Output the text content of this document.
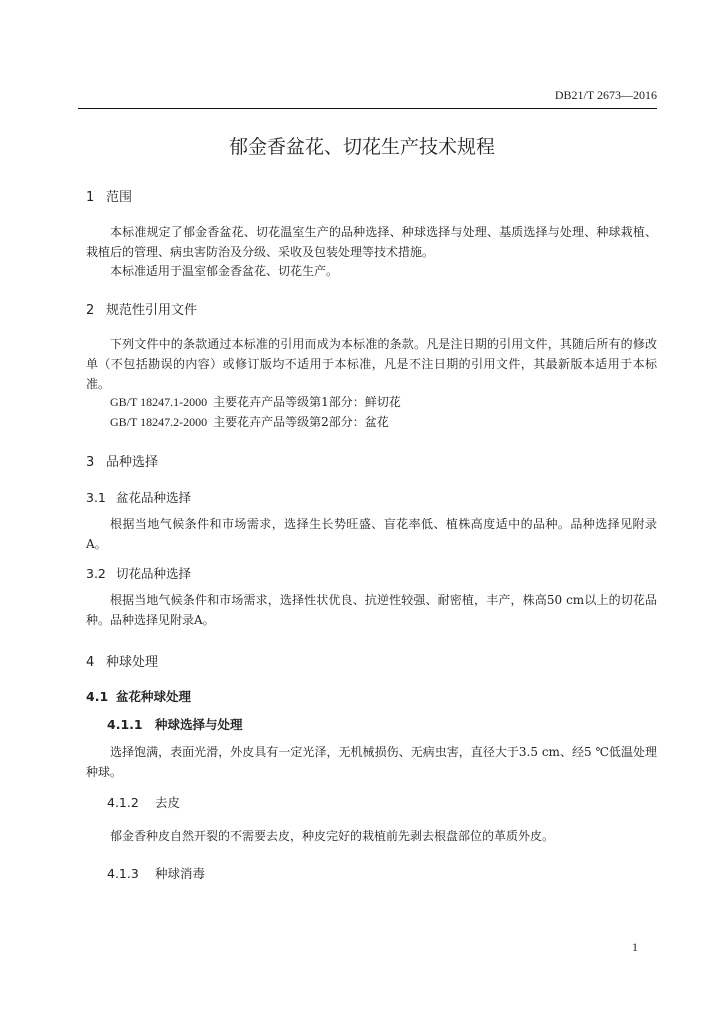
DB21/T 2673—2016
郁金香盆花、切花生产技术规程
1 范围
本标准规定了郁金香盆花、切花温室生产的品种选择、种球选择与处理、基质选择与处理、种球栽植、栽植后的管理、病虫害防治及分级、采收及包装处理等技术措施。
本标准适用于温室郁金香盆花、切花生产。
2 规范性引用文件
下列文件中的条款通过本标准的引用而成为本标准的条款。凡是注日期的引用文件，其随后所有的修改单（不包括勘误的内容）或修订版均不适用于本标准，凡是不注日期的引用文件，其最新版本适用于本标准。
GB/T 18247.1-2000 主要花卉产品等级第1部分：鲜切花
GB/T 18247.2-2000 主要花卉产品等级第2部分：盆花
3 品种选择
3.1 盆花品种选择
根据当地气候条件和市场需求，选择生长势旺盛、盲花率低、植株高度适中的品种。品种选择见附录A。
3.2 切花品种选择
根据当地气候条件和市场需求，选择性状优良、抗逆性较强、耐密植，丰产，株高50 cm以上的切花品种。品种选择见附录A。
4 种球处理
4.1 盆花种球处理
4.1.1 种球选择与处理
选择饱满，表面光滑，外皮具有一定光泽，无机械损伤、无病虫害，直径大于3.5 cm、经5 ℃低温处理种球。
4.1.2 去皮
郁金香种皮自然开裂的不需要去皮，种皮完好的栽植前先剥去根盘部位的革质外皮。
4.1.3 种球消毒
1
